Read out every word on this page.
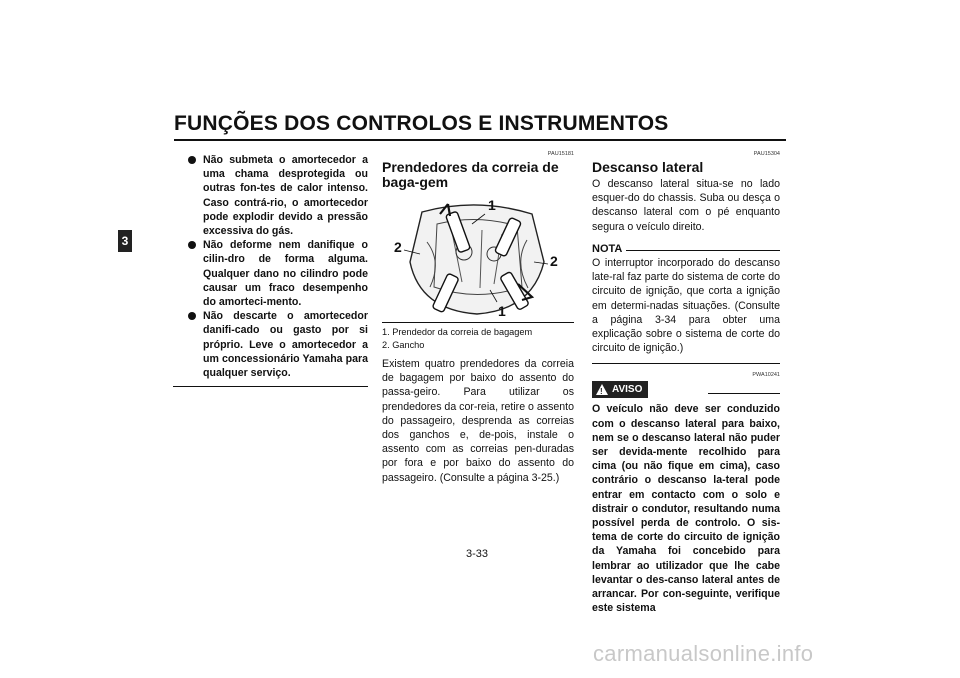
FUNÇÕES DOS CONTROLOS E INSTRUMENTOS
3

Não submeta o amortecedor a uma chama desprotegida ou outras fon-tes de calor intenso. Caso contrá-rio, o amortecedor pode explodir devido a pressão excessiva do gás.

Não deforme nem danifique o cilin-dro de forma alguma. Qualquer dano no cilindro pode causar um fraco desempenho do amorteci-mento.

Não descarte o amortecedor danifi-cado ou gasto por si próprio. Leve o amortecedor a um concessionário Yamaha para qualquer serviço.

PAU15181
Prendedores da correia de baga-gem
1
1
2
2
1. Prendedor da correia de bagagem
2. Gancho
Existem quatro prendedores da correia de bagagem por baixo do assento do passa-geiro. Para utilizar os prendedores da cor-reia, retire o assento do passageiro, desprenda as correias dos ganchos e, de-pois, instale o assento com as correias pen-duradas por fora e por baixo do assento do passageiro. (Consulte a página 3-25.)
PAU15304
Descanso lateral
O descanso lateral situa-se no lado esquer-do do chassis. Suba ou desça o descanso lateral com o pé enquanto segura o veículo direito.
NOTA
O interruptor incorporado do descanso late-ral faz parte do sistema de corte do circuito de ignição, que corta a ignição em determi-nadas situações. (Consulte a página 3-34 para obter uma explicação sobre o sistema de corte do circuito de ignição.)
PWA10241
! AVISO
O veículo não deve ser conduzido com o descanso lateral para baixo, nem se o descanso lateral não puder ser devida-mente recolhido para cima (ou não fique em cima), caso contrário o descanso la-teral pode entrar em contacto com o solo e distrair o condutor, resultando numa possível perda de controlo. O sis-tema de corte do circuito de ignição da Yamaha foi concebido para lembrar ao utilizador que lhe cabe levantar o des-canso lateral antes de arrancar. Por con-seguinte, verifique este sistema
3-33
carmanualsonline.info
